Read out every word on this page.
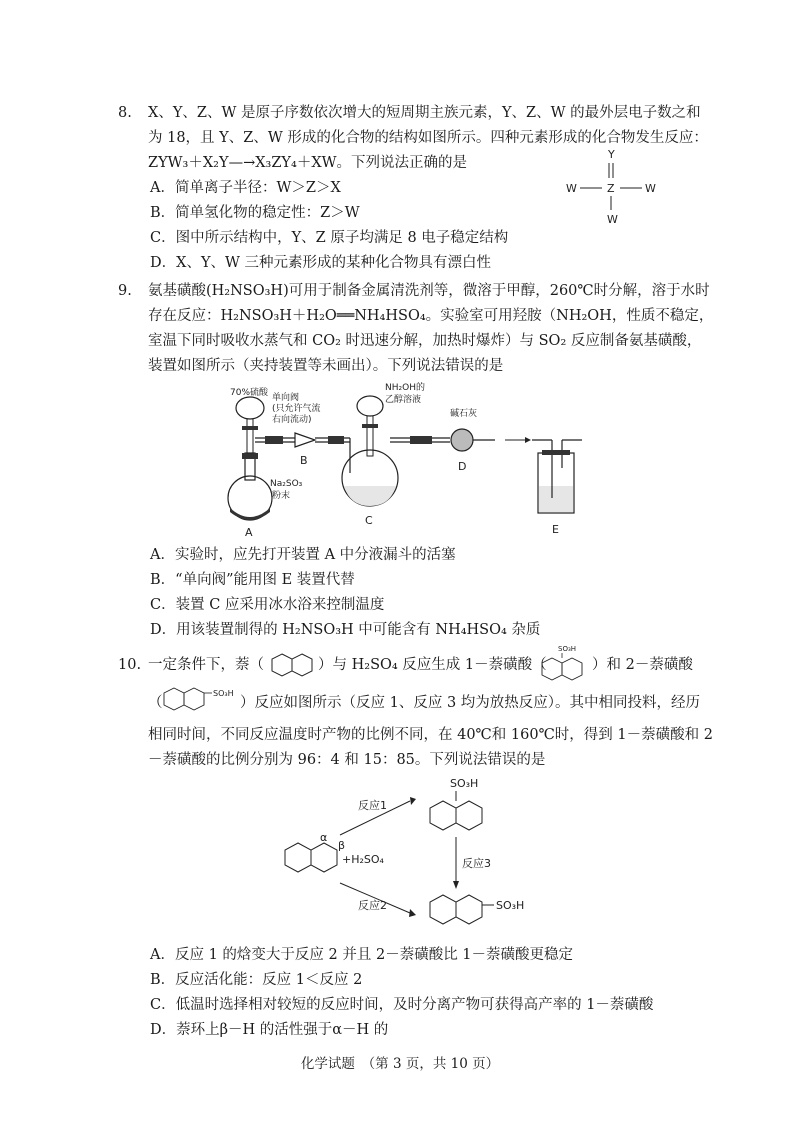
8. X、Y、Z、W 是原子序数依次增大的短周期主族元素，Y、Z、W 的最外层电子数之和
为 18，且 Y、Z、W 形成的化合物的结构如图所示。四种元素形成的化合物发生反应：
ZYW₃＋X₂Y—→X₃ZY₄＋XW。下列说法正确的是
Y
Z
W	W
W
A．简单离子半径：W＞Z＞X
B．简单氢化物的稳定性：Z＞W
C．图中所示结构中，Y、Z 原子均满足 8 电子稳定结构
D．X、Y、W 三种元素形成的某种化合物具有漂白性
9. 氨基磺酸(H₂NSO₃H)可用于制备金属清洗剂等，微溶于甲醇，260℃时分解，溶于水时
存在反应：H₂NSO₃H＋H₂O══NH₄HSO₄。实验室可用羟胺（NH₂OH，性质不稳定，
室温下同时吸收水蒸气和 CO₂ 时迅速分解，加热时爆炸）与 SO₂ 反应制备氨基磺酸，
装置如图所示（夹持装置等未画出）。下列说法错误的是
70%硫酸
Na₂SO₃
粉末
A
单向阀
(只允许气流
右向流动)
B
NH₂OH的
乙醇溶液
C
碱石灰
D
E
A．实验时，应先打开装置 A 中分液漏斗的活塞
B．“单向阀”能用图 E 装置代替
C．装置 C 应采用冰水浴来控制温度
D．用该装置制得的 H₂NSO₃H 中可能含有 NH₄HSO₄ 杂质
10. 一定条件下，萘（	）与 H₂SO₄ 反应生成 1－萘磺酸（
SO₃H
）和 2－萘磺酸
（
SO₃H
）反应如图所示（反应 1、反应 3 均为放热反应）。其中相同投料，经历
相同时间，不同反应温度时产物的比例不同，在 40℃和 160℃时，得到 1－萘磺酸和 2
－萘磺酸的比例分别为 96：4 和 15：85。下列说法错误的是
α
β
+H₂SO₄
反应1
反应2
SO₃H
反应3
SO₃H
A．反应 1 的焓变大于反应 2 并且 2－萘磺酸比 1－萘磺酸更稳定
B．反应活化能：反应 1＜反应 2
C．低温时选择相对较短的反应时间，及时分离产物可获得高产率的 1－萘磺酸
D．萘环上β－H 的活性强于α－H 的
化学试题　（第 3 页，共 10 页）
